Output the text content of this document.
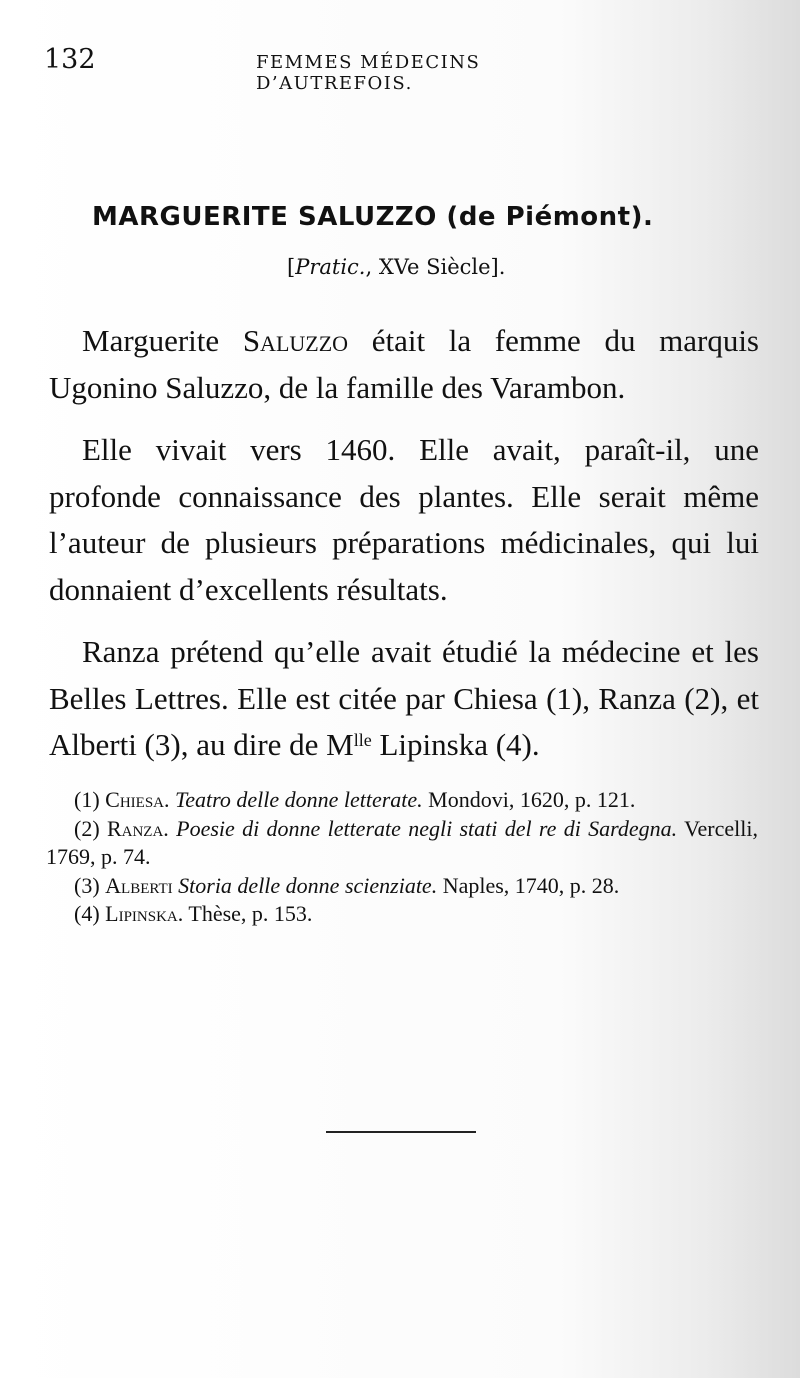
132	FEMMES MÉDECINS D’AUTREFOIS.
MARGUERITE SALUZZO (de Piémont).
[Pratic., XVe Siècle].

Marguerite Saluzzo était la femme du marquis Ugonino Saluzzo, de la famille des Varambon.

Elle vivait vers 1460. Elle avait, paraît-il, une profonde connaissance des plantes. Elle serait même l’auteur de plusieurs préparations médicinales, qui lui donnaient d’excellents résultats.

Ranza prétend qu’elle avait étudié la médecine et les Belles Lettres. Elle est citée par Chiesa (1), Ranza (2), et Alberti (3), au dire de $M^{lle}$ Lipinska (4).

(1) Chiesa. Teatro delle donne letterate. Mondovi, 1620, p. 121.

(2) Ranza. Poesie di donne letterate negli stati del re di Sardegna. Vercelli, 1769, p. 74.

(3) Alberti Storia delle donne scienziate. Naples, 1740, p. 28.

(4) Lipinska. Thèse, p. 153.
